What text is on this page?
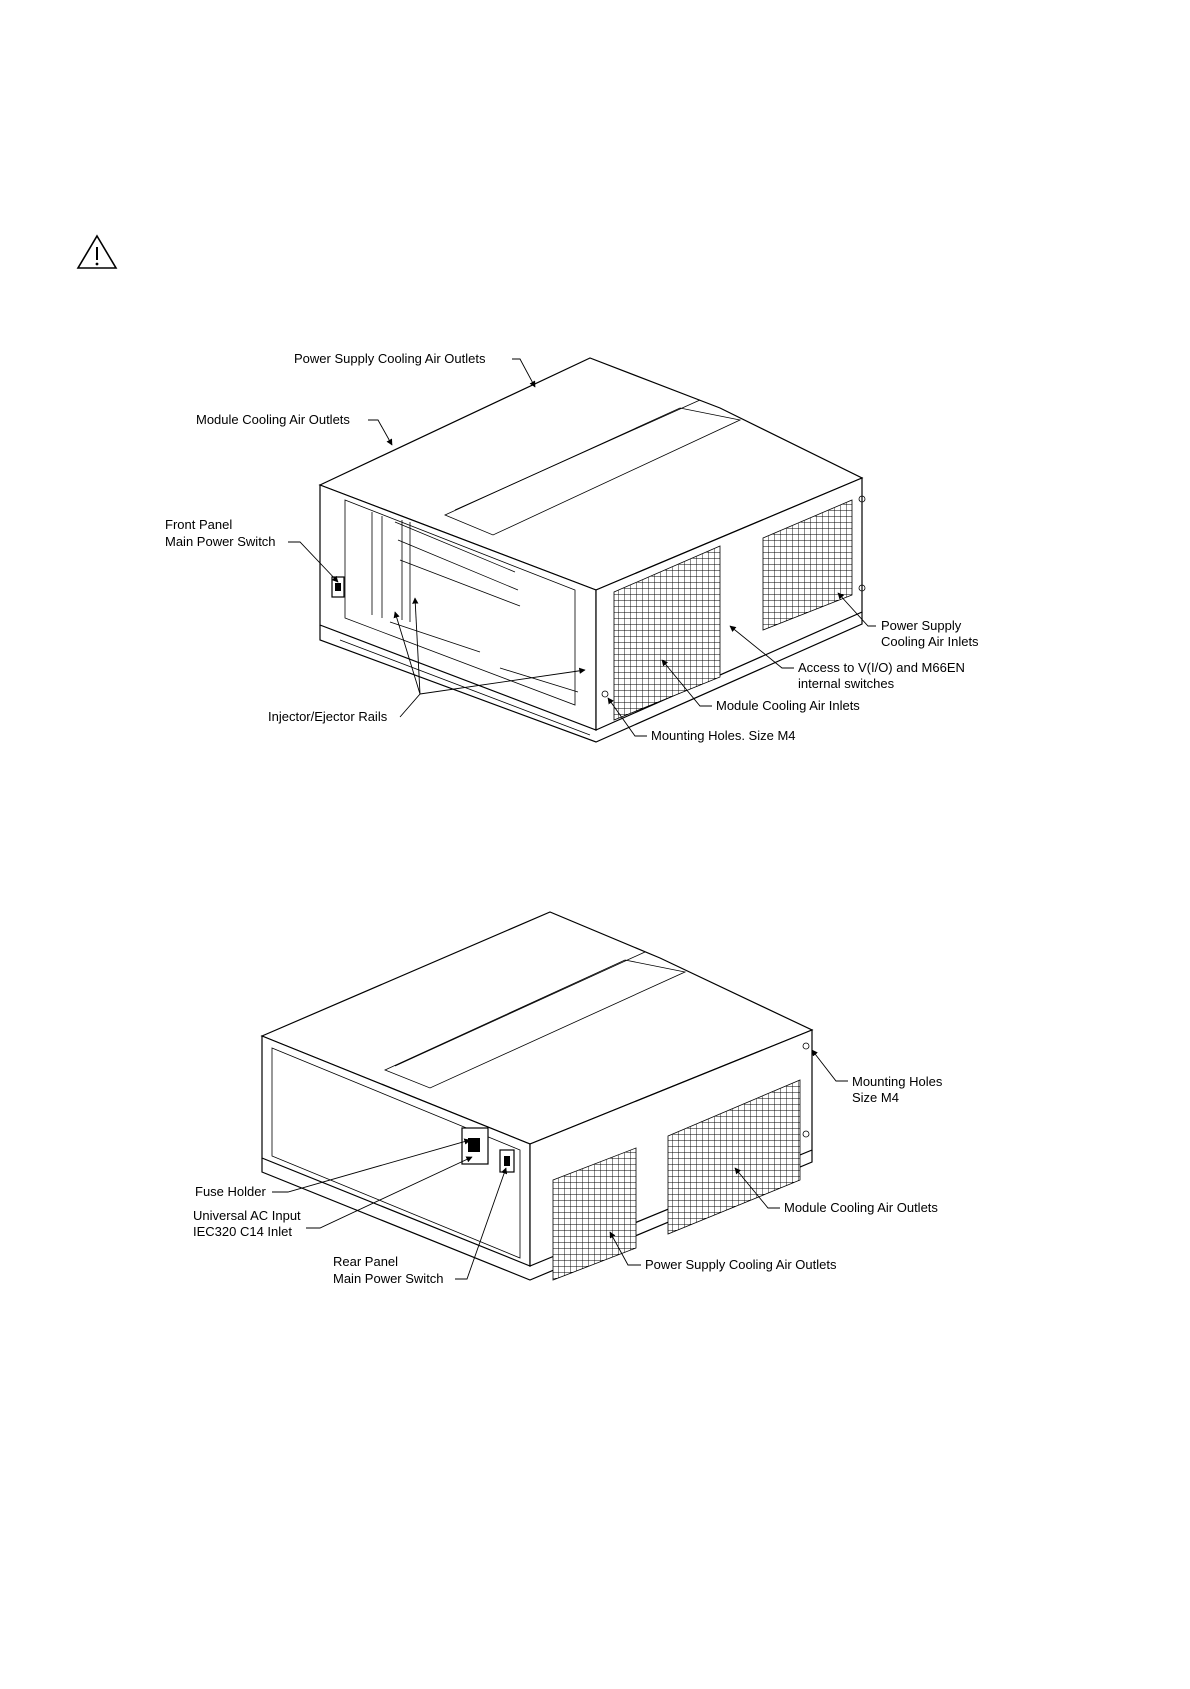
Power Supply Cooling Air Outlets
Module Cooling Air Outlets
Front Panel
Main Power Switch
Power Supply
Cooling Air Inlets
Access to V(I/O) and M66EN
internal switches
Module Cooling Air Inlets
Injector/Ejector Rails
Mounting Holes. Size M4
Mounting Holes
Size M4
Fuse Holder
Universal AC Input
IEC320 C14 Inlet
Module Cooling Air Outlets
Rear Panel
Main Power Switch
Power Supply Cooling Air Outlets
